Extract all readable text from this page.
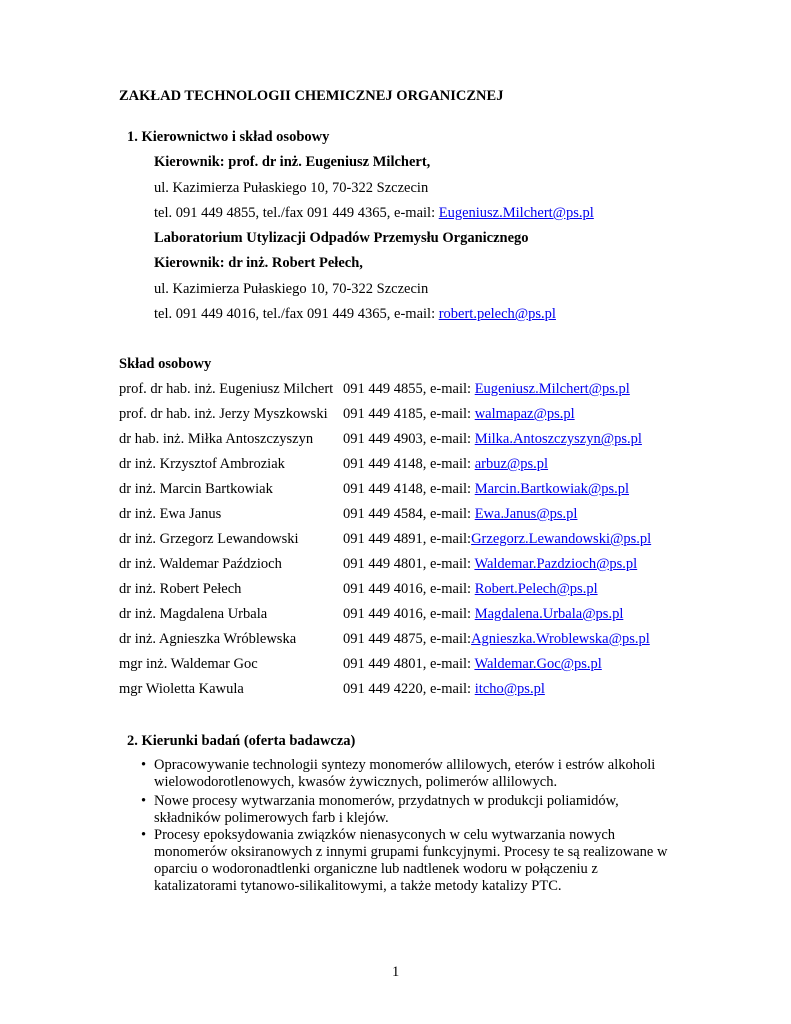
ZAKŁAD TECHNOLOGII CHEMICZNEJ ORGANICZNEJ
1. Kierownictwo i skład osobowy
Kierownik: prof. dr inż. Eugeniusz Milchert,
ul. Kazimierza Pułaskiego 10, 70-322 Szczecin
tel. 091 449 4855, tel./fax 091 449 4365, e-mail: Eugeniusz.Milchert@ps.pl
Laboratorium Utylizacji Odpadów Przemysłu Organicznego
Kierownik: dr inż. Robert Pełech,
ul. Kazimierza Pułaskiego 10, 70-322 Szczecin
tel. 091 449 4016, tel./fax 091 449 4365, e-mail: robert.pelech@ps.pl
Skład osobowy
prof. dr hab. inż. Eugeniusz Milchert 091 449 4855, e-mail: Eugeniusz.Milchert@ps.pl
prof. dr hab. inż. Jerzy Myszkowski 091 449 4185, e-mail: walmapaz@ps.pl
dr hab. inż. Miłka Antoszczyszyn 091 449 4903, e-mail: Milka.Antoszczyszyn@ps.pl
dr inż. Krzysztof Ambroziak	091 449 4148, e-mail: arbuz@ps.pl
dr inż. Marcin Bartkowiak	091 449 4148, e-mail: Marcin.Bartkowiak@ps.pl
dr inż. Ewa Janus	091 449 4584, e-mail: Ewa.Janus@ps.pl
dr inż. Grzegorz Lewandowski	091 449 4891, e-mail:Grzegorz.Lewandowski@ps.pl
dr inż. Waldemar Paździoch	091 449 4801, e-mail: Waldemar.Pazdzioch@ps.pl
dr inż. Robert Pełech	091 449 4016, e-mail: Robert.Pelech@ps.pl
dr inż. Magdalena Urbala	091 449 4016, e-mail: Magdalena.Urbala@ps.pl
dr inż. Agnieszka Wróblewska	091 449 4875, e-mail:Agnieszka.Wroblewska@ps.pl
mgr inż. Waldemar Goc	091 449 4801, e-mail: Waldemar.Goc@ps.pl
mgr Wioletta Kawula	091 449 4220, e-mail: itcho@ps.pl
2. Kierunki badań (oferta badawcza)
• Opracowywanie technologii syntezy monomerów allilowych, eterów i estrów alkoholi wielowodorotlenowych, kwasów żywicznych, polimerów allilowych.
• Nowe procesy wytwarzania monomerów, przydatnych w produkcji poliamidów, składników polimerowych farb i klejów.
• Procesy epoksydowania związków nienasyconych w celu wytwarzania nowych monomerów oksiranowych z innymi grupami funkcyjnymi. Procesy te są realizowane w oparciu o wodoronadtlenki organiczne lub nadtlenek wodoru w połączeniu z katalizatorami tytanowo-silikalitowymi, a także metody katalizy PTC.
1
